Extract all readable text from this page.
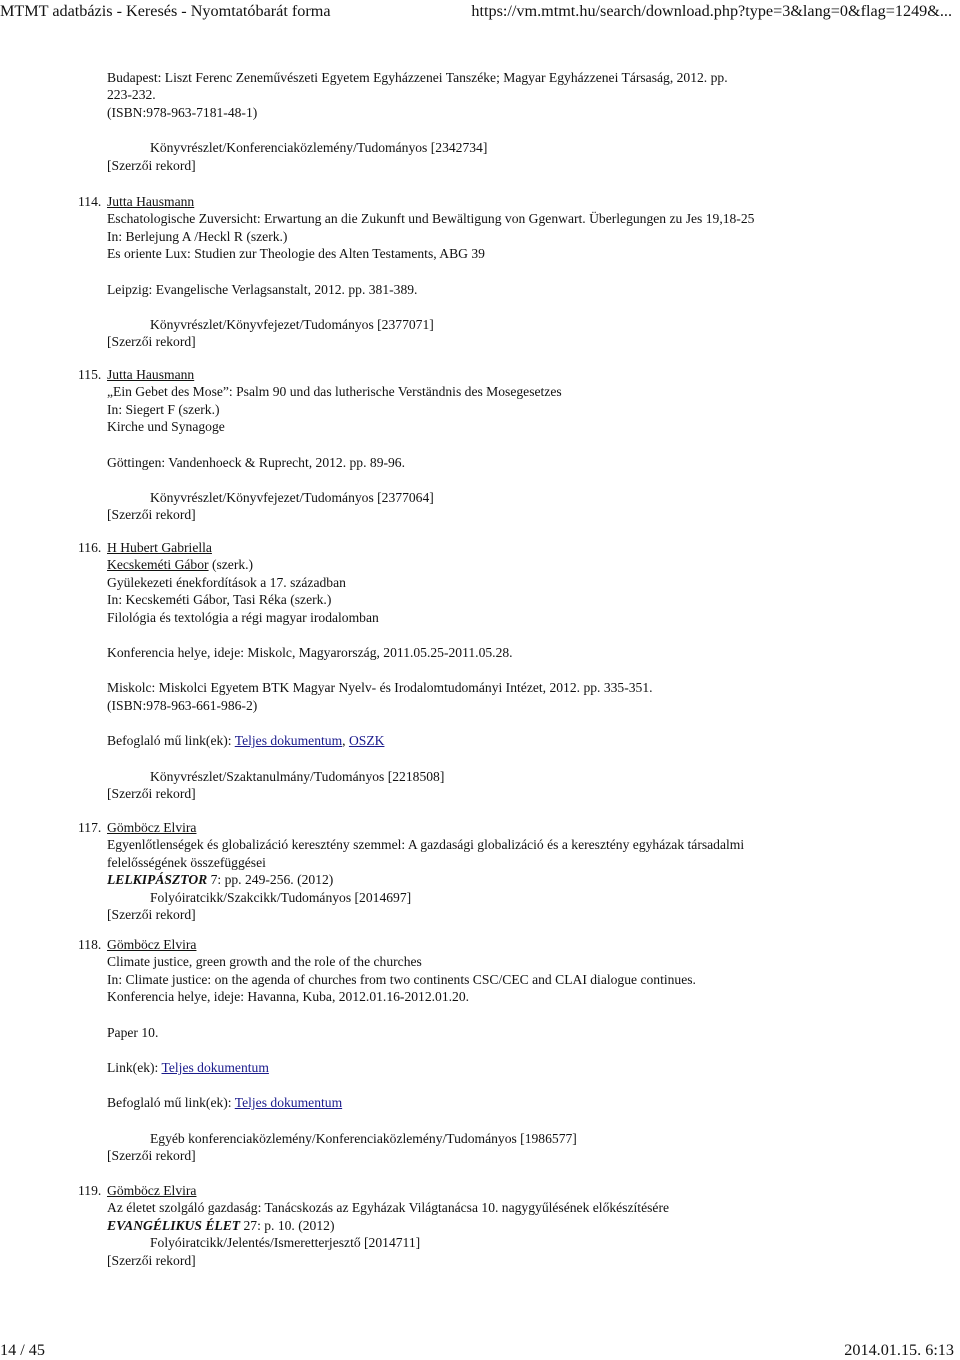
MTMT adatbázis - Keresés - Nyomtatóbarát forma	https://vm.mtmt.hu/search/download.php?type=3&lang=0&flag=1249&...
Budapest: Liszt Ferenc Zeneművészeti Egyetem Egyházzenei Tanszéke; Magyar Egyházzenei Társaság, 2012. pp.
223-232.
(ISBN:978-963-7181-48-1)
Könyvrészlet/Konferenciaközlemény/Tudományos [2342734]
[Szerzői rekord]
114. Jutta Hausmann
Eschatologische Zuversicht: Erwartung an die Zukunft und Bewältigung von Ggenwart. Überlegungen zu Jes 19,18-25
In: Berlejung A /Heckl R (szerk.)
Es oriente Lux: Studien zur Theologie des Alten Testaments, ABG 39
Leipzig: Evangelische Verlagsanstalt, 2012. pp. 381-389.
Könyvrészlet/Könyvfejezet/Tudományos [2377071]
[Szerzői rekord]
115. Jutta Hausmann
„Ein Gebet des Mose”: Psalm 90 und das lutherische Verständnis des Mosegesetzes
In: Siegert F (szerk.)
Kirche und Synagoge
Göttingen: Vandenhoeck & Ruprecht, 2012. pp. 89-96.
Könyvrészlet/Könyvfejezet/Tudományos [2377064]
[Szerzői rekord]
116. H Hubert Gabriella
Kecskeméti Gábor (szerk.)
Gyülekezeti énekfordítások a 17. században
In: Kecskeméti Gábor, Tasi Réka (szerk.)
Filológia és textológia a régi magyar irodalomban
Konferencia helye, ideje: Miskolc, Magyarország, 2011.05.25-2011.05.28.
Miskolc: Miskolci Egyetem BTK Magyar Nyelv- és Irodalomtudományi Intézet, 2012. pp. 335-351.
(ISBN:978-963-661-986-2)
Befoglaló mű link(ek): Teljes dokumentum, OSZK
Könyvrészlet/Szaktanulmány/Tudományos [2218508]
[Szerzői rekord]
117. Gömböcz Elvira
Egyenlőtlenségek és globalizáció keresztény szemmel: A gazdasági globalizáció és a keresztény egyházak társadalmi
felelősségének összefüggései
LELKIPÁSZTOR 7: pp. 249-256. (2012)
Folyóiratcikk/Szakcikk/Tudományos [2014697]
[Szerzői rekord]
118. Gömböcz Elvira
Climate justice, green growth and the role of the churches
In: Climate justice: on the agenda of churches from two continents CSC/CEC and CLAI dialogue continues.
Konferencia helye, ideje: Havanna, Kuba, 2012.01.16-2012.01.20.
Paper 10.
Link(ek): Teljes dokumentum
Befoglaló mű link(ek): Teljes dokumentum
Egyéb konferenciaközlemény/Konferenciaközlemény/Tudományos [1986577]
[Szerzői rekord]
119. Gömböcz Elvira
Az életet szolgáló gazdaság: Tanácskozás az Egyházak Világtanácsa 10. nagygyűlésének előkészítésére
EVANGÉLIKUS ÉLET 27: p. 10. (2012)
Folyóiratcikk/Jelentés/Ismeretterjesztő [2014711]
[Szerzői rekord]
14 / 45	2014.01.15. 6:13
